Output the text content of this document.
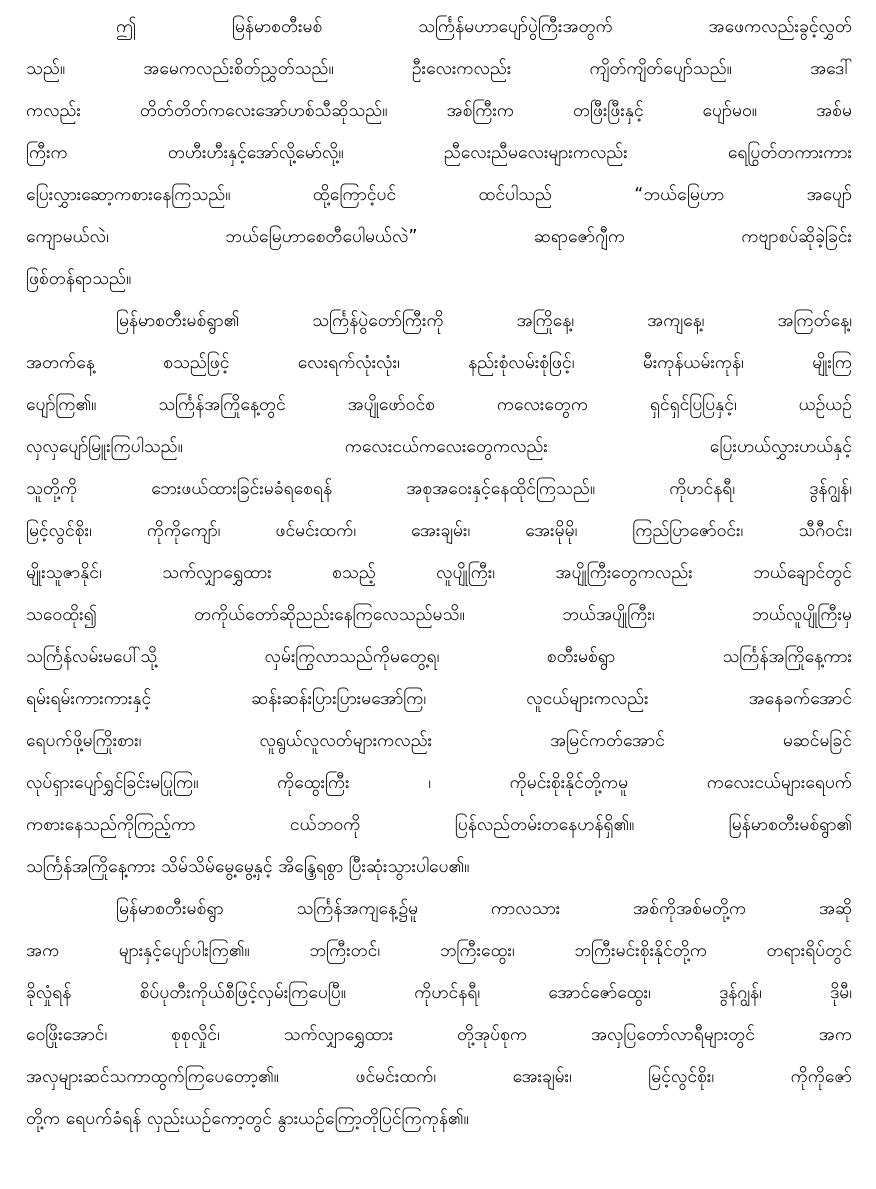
ဤ မြန်မာစတီးမစ် သင်္ကြန်မဟာပျော်ပွဲကြီးအတွက် အဖေကလည်းခွင့်လွှတ်
သည်။ အမေကလည်းစိတ်ညွှတ်သည်။ ဦးလေးကလည်း ကျိတ်ကျိတ်ပျော်သည်။ အဒေါ်
ကလည်း တိတ်တိတ်ကလေးအော်ဟစ်သီဆိုသည်။ အစ်ကြီးက တဖြီးဖြီးနှင့် ပျော်မဝ။ အစ်မ
ကြီးက တဟီးဟီးနှင့်အော်လို့မော်လို့။ ညီလေးညီမလေးများကလည်း ရေပြွတ်တကားကား
ပြေးလွှားဆော့ကစားနေကြသည်။ ထို့ကြောင့်ပင် ထင်ပါသည် “ဘယ်မြေဟာ အပျော်
ကျောမယ်လဲ၊ ဘယ်မြေဟာစေတီပေါမယ်လဲ” ဆရာဇော်ဂျီက ကဗျာစပ်ဆိုခဲ့ခြင်း
ဖြစ်တန်ရာသည်။
မြန်မာစတီးမစ်ရွာ၏ သင်္ကြန်ပွဲတော်ကြီးကို အကြိုနေ့၊ အကျနေ့၊ အကြတ်နေ့၊
အတက်နေ့ စသည်ဖြင့် လေးရက်လုံးလုံး၊ နည်းစုံလမ်းစုံဖြင့်၊ မီးကုန်ယမ်းကုန်၊ မျိုးကြ
ပျော်ကြ၏။ သင်္ကြန်အကြိုနေ့တွင် အပျိုဖော်ဝင်စ ကလေးတွေက ရှင်ရှင်ပြပြနှင့်၊ ယဉ်ယဉ်
လှလှပျော်မြူးကြပါသည်။ ကလေးငယ်ကလေးတွေကလည်း ပြေးဟယ်လွှားဟယ်နှင့်
သူတို့ကို ဘေးဖယ်ထားခြင်းမခံရစေရန် အစုအဝေးနှင့်နေထိုင်ကြသည်။ ကိုဟင်နရီ၊ ဒွန်ဂျွန်၊
မြင့်လွင်စိုး၊ ကိုကိုကျော်၊ ဖင်မင်းထက်၊ အေးချမ်း၊ အေးမိုမို၊ ကြည်ပြာဇော်ဝင်း၊ သီဂီဝင်း၊
မျိုးသူဇာနိုင်၊ သက်လျှာရွှေထား စသည့် လူပျိုကြီး၊ အပျိုကြီးတွေကလည်း ဘယ်ချောင်တွင်
သဝေထိုး၍ တကိုယ်တော်ဆိုညည်းနေကြလေသည်မသိ။ ဘယ်အပျိုကြီး၊ ဘယ်လူပျိုကြီးမှ
သင်္ကြန်လမ်းမပေါ်သို့ လှမ်းကြွလာသည်ကိုမတွေ့ရ၊ စတီးမစ်ရွာ သင်္ကြန်အကြိုနေ့ကား
ရမ်းရမ်းကားကားနှင့် ဆန်းဆန်းပြားပြားမအော်ကြ၊ လူငယ်များကလည်း အနေခက်အောင်
ရေပက်ဖို့မကြိုးစား၊ လူရွယ်လူလတ်များကလည်း အမြင်ကတ်အောင် မဆင်မခြင်
လုပ်ရှားပျော်ရွှင်ခြင်းမပြုကြ။ ကိုထွေးကြီး ၊ ကိုမင်းစိုးနိုင်တို့ကမူ ကလေးငယ်များရေပက်
ကစားနေသည်ကိုကြည့်ကာ ငယ်ဘဝကို ပြန်လည်တမ်းတနေဟန်ရှိ၏။ မြန်မာစတီးမစ်ရွာ၏
သင်္ကြန်အကြိုနေ့ကား သိမ်သိမ်မွေ့မွေ့နှင့် အိန္ဒြေရစွာ ပြီးဆုံးသွားပါပေ၏။
မြန်မာစတီးမစ်ရွာ သင်္ကြန်အကျနေ့၌မူ ကာလသား အစ်ကိုအစ်မတို့က အဆို
အက များနှင့်ပျော်ပါးကြ၏။ ဘကြီးတင်၊ ဘကြီးထွေး၊ ဘကြီးမင်းစိုးနိုင်တို့က တရားရိပ်တွင်
ခိုလှုံရန် စိပ်ပုတီးကိုယ်စီဖြင့်လှမ်းကြပေပြီ။ ကိုဟင်နရီ၊ အောင်ဇော်ထွေး၊ ဒွန်ဂျွန်၊ ဒိုမီ၊
ဝေဖြိုးအောင်၊ စုစုလှိုင်၊ သက်လျှာရွှေထား တို့အုပ်စုက အလှပြတော်လာရီများတွင် အက
အလှများဆင်သကာထွက်ကြပေတော့၏။ ဖင်မင်းထက်၊ အေးချမ်း၊ မြင့်လွင်စိုး၊ ကိုကိုဇော်
တို့က ရေပက်ခံရန် လှည်းယဉ်ကော့တွင် နွားယဉ်ကြော့တိုပြင်ကြကုန်၏။
